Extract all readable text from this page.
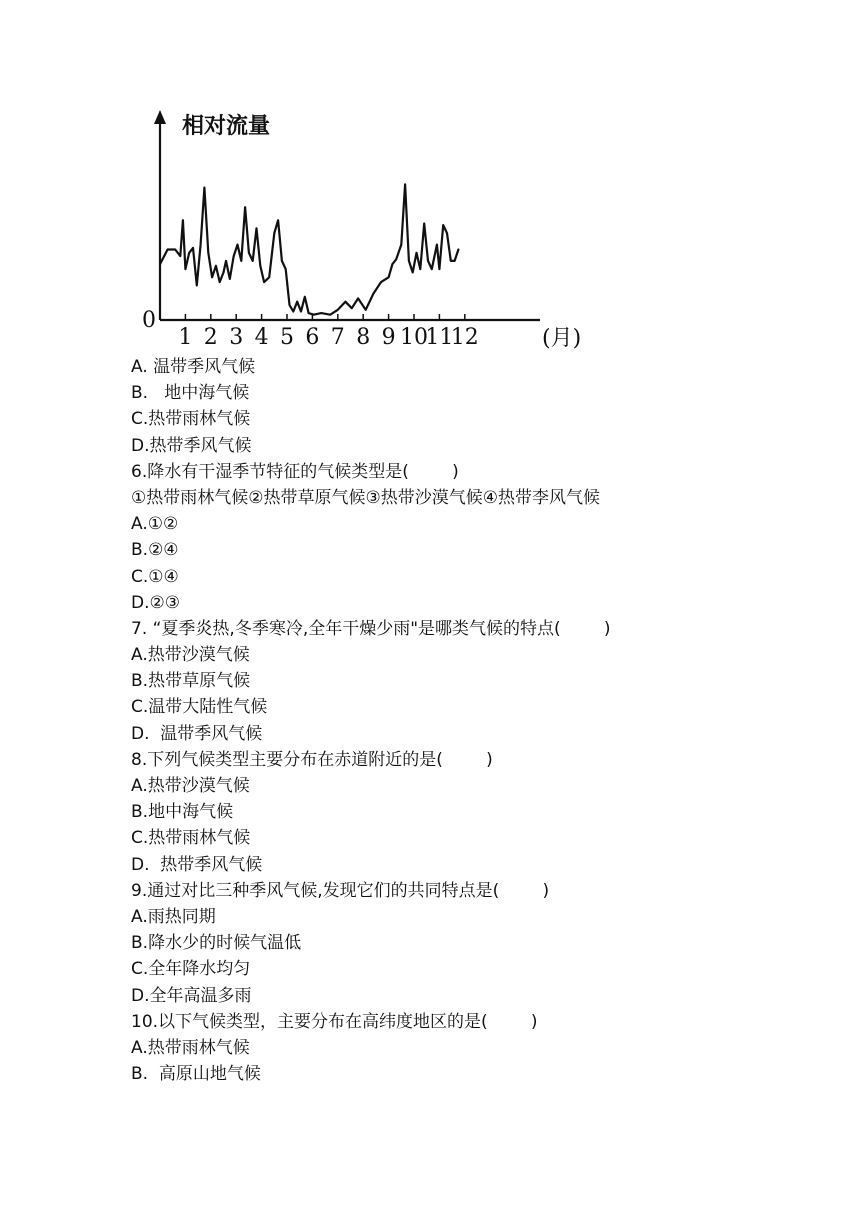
相对流量
0
(月)
1 2 3 4 5 6 7 8 9 10
11
12
A. 温带季风气候
B.   地中海气候
C.热带雨林气候
D.热带季风气候
6.降水有干湿季节特征的气候类型是(        )
①热带雨林气候②热带草原气候③热带沙漠气候④热带李风气候
A.①②
B.②④
C.①④
D.②③
7. “夏季炎热,冬季寒冷,全年干燥少雨"是哪类气候的特点(        )
A.热带沙漠气候
B.热带草原气候
C.温带大陆性气候
D.  温带季风气候
8.下列气候类型主要分布在赤道附近的是(        )
A.热带沙漠气候
B.地中海气候
C.热带雨林气候
D.  热带季风气候
9.通过对比三种季风气候,发现它们的共同特点是(        )
A.雨热同期
B.降水少的时候气温低
C.全年降水均匀
D.全年高温多雨
10.以下气候类型，主要分布在高纬度地区的是(        )
A.热带雨林气候
B.  高原山地气候
